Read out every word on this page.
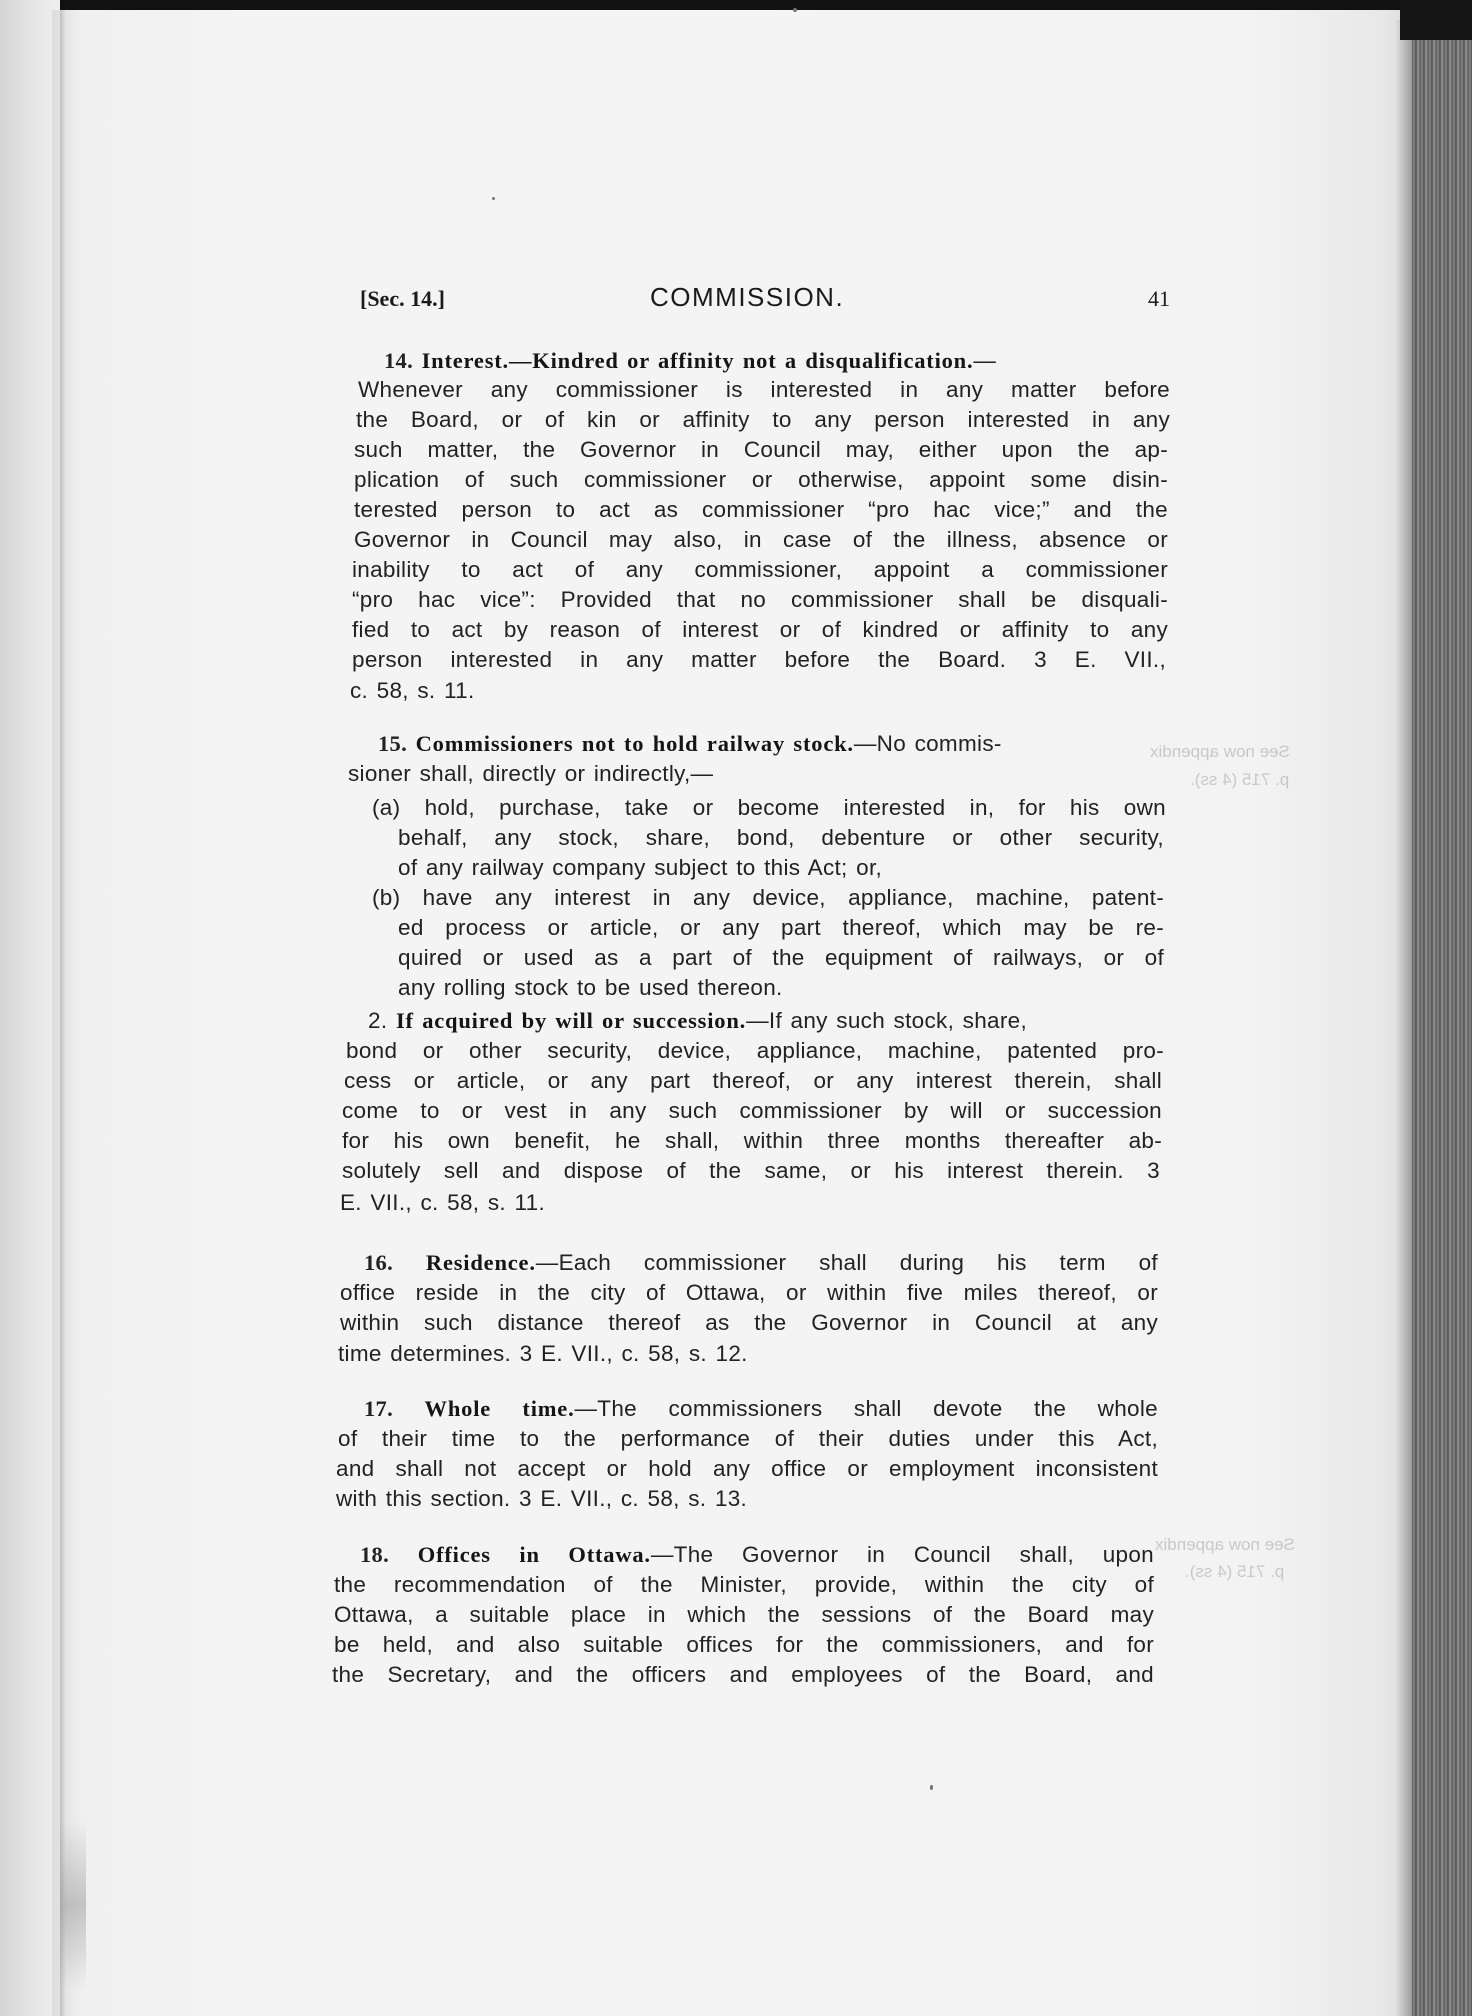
See now appendix
p. 715 (4 ss).
See now appendix
p. 715 (4 ss).
[Sec. 14.]	COMMISSION.	41
14. Interest.—Kindred or affinity not a disqualification.—
Whenever any commissioner is interested in any matter before
the Board, or of kin or affinity to any person interested in any
such matter, the Governor in Council may, either upon the ap-
plication of such commissioner or otherwise, appoint some disin-
terested person to act as commissioner “pro hac vice;” and the
Governor in Council may also, in case of the illness, absence or
inability to act of any commissioner, appoint a commissioner
“pro hac vice”: Provided that no commissioner shall be disquali-
fied to act by reason of interest or of kindred or affinity to any
person interested in any matter before the Board. 3 E. VII.,
c. 58, s. 11.
15. Commissioners not to hold railway stock.—No commis-
sioner shall, directly or indirectly,—
(a) hold, purchase, take or become interested in, for his own
behalf, any stock, share, bond, debenture or other security,
of any railway company subject to this Act; or,
(b) have any interest in any device, appliance, machine, patent-
ed process or article, or any part thereof, which may be re-
quired or used as a part of the equipment of railways, or of
any rolling stock to be used thereon.
2. If acquired by will or succession.—If any such stock, share,
bond or other security, device, appliance, machine, patented pro-
cess or article, or any part thereof, or any interest therein, shall
come to or vest in any such commissioner by will or succession
for his own benefit, he shall, within three months thereafter ab-
solutely sell and dispose of the same, or his interest therein. 3
E. VII., c. 58, s. 11.
16. Residence.—Each commissioner shall during his term of
office reside in the city of Ottawa, or within five miles thereof, or
within such distance thereof as the Governor in Council at any
time determines. 3 E. VII., c. 58, s. 12.
17. Whole time.—The commissioners shall devote the whole
of their time to the performance of their duties under this Act,
and shall not accept or hold any office or employment inconsistent
with this section. 3 E. VII., c. 58, s. 13.
18. Offices in Ottawa.—The Governor in Council shall, upon
the recommendation of the Minister, provide, within the city of
Ottawa, a suitable place in which the sessions of the Board may
be held, and also suitable offices for the commissioners, and for
the Secretary, and the officers and employees of the Board, and
